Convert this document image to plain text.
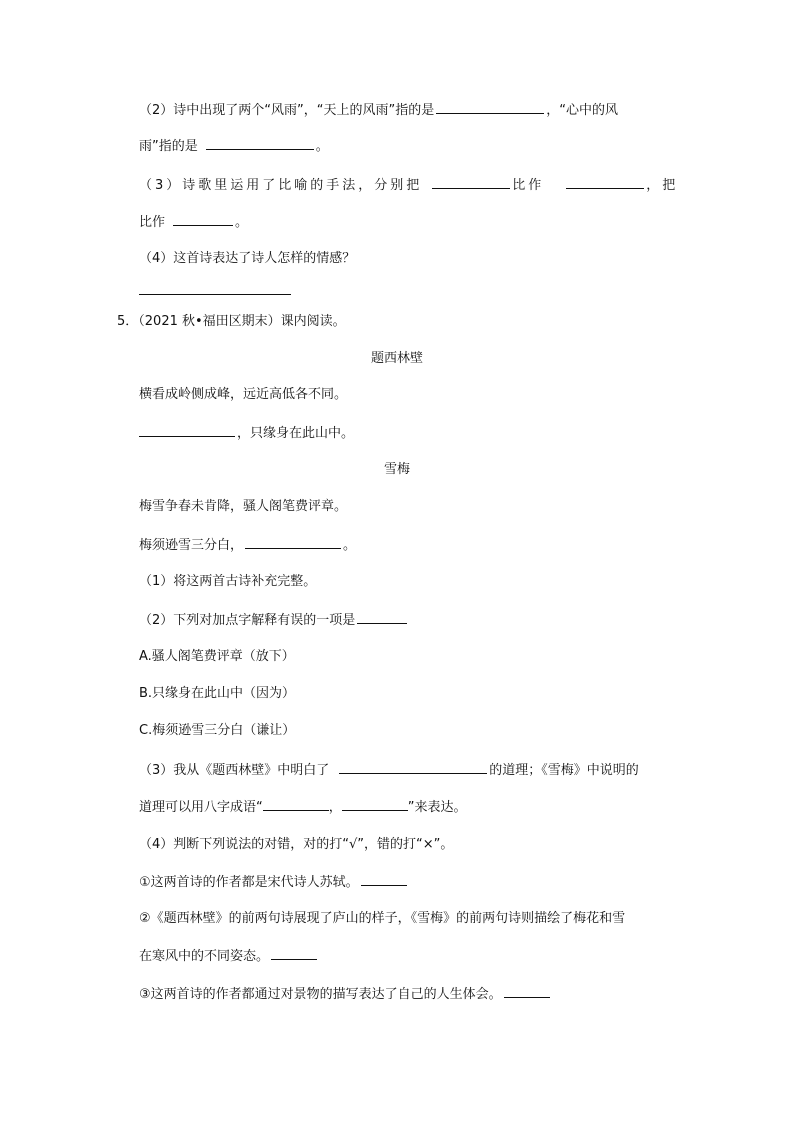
（2）诗中出现了两个“风雨”，“天上的风雨”指的是	，“心中的风
雨”指的是	。
（3）诗歌里运用了比喻的手法，分别把	比作	，把
比作	。
（4）这首诗表达了诗人怎样的情感？
5．（2021 秋•福田区期末）课内阅读。
题西林壁
横看成岭侧成峰，远近高低各不同。
，只缘身在此山中。
雪梅
梅雪争春未肯降，骚人阁笔费评章。
梅须逊雪三分白，	。
（1）将这两首古诗补充完整。
（2）下列对加点字解释有误的一项是
A.骚人阁笔费评章（放下）
B.只缘身在此山中（因为）
C.梅须逊雪三分白（谦让）
（3）我从《题西林壁》中明白了	的道理；《雪梅》中说明的
道理可以用八字成语“	，	”来表达。
（4）判断下列说法的对错，对的打“√”，错的打“×”。
①这两首诗的作者都是宋代诗人苏轼。
②《题西林壁》的前两句诗展现了庐山的样子，《雪梅》的前两句诗则描绘了梅花和雪
在寒风中的不同姿态。
③这两首诗的作者都通过对景物的描写表达了自己的人生体会。
